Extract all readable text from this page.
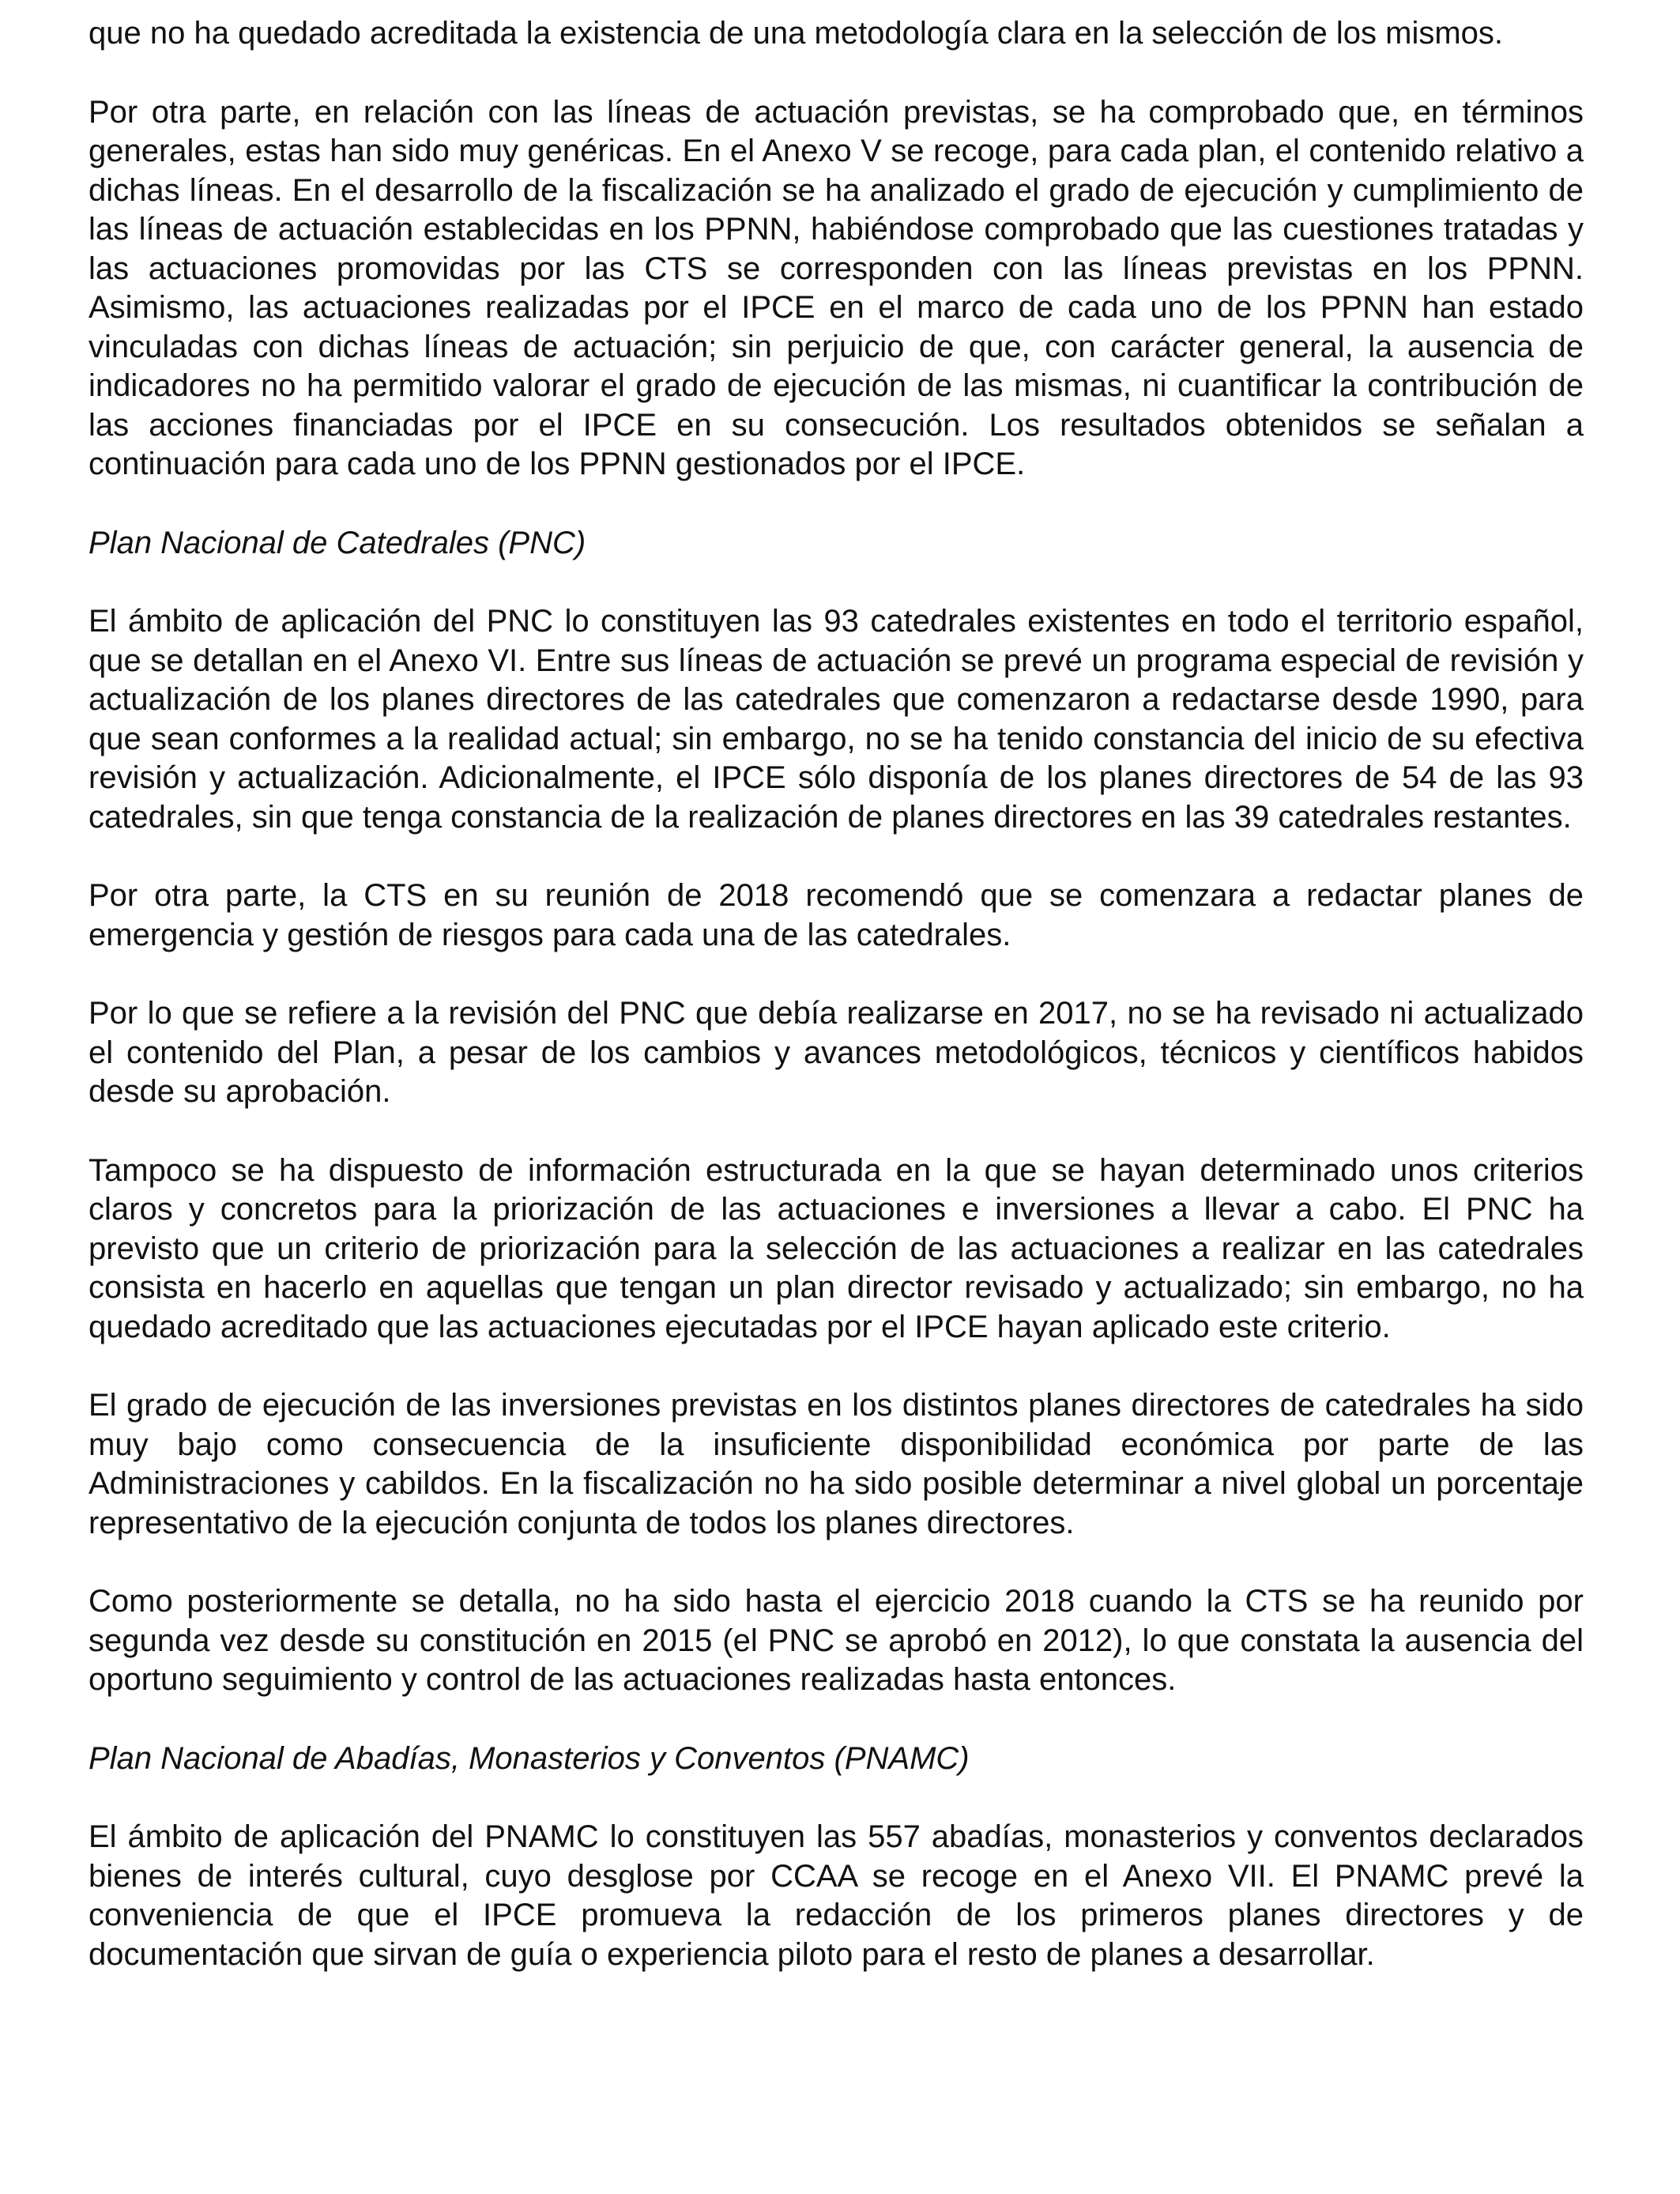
que no ha quedado acreditada la existencia de una metodología clara en la selección de los mismos.

Por otra parte, en relación con las líneas de actuación previstas, se ha comprobado que, en términos generales, estas han sido muy genéricas. En el Anexo V se recoge, para cada plan, el contenido relativo a dichas líneas. En el desarrollo de la fiscalización se ha analizado el grado de ejecución y cumplimiento de las líneas de actuación establecidas en los PPNN, habiéndose comprobado que las cuestiones tratadas y las actuaciones promovidas por las CTS se corresponden con las líneas previstas en los PPNN. Asimismo, las actuaciones realizadas por el IPCE en el marco de cada uno de los PPNN han estado vinculadas con dichas líneas de actuación; sin perjuicio de que, con carácter general, la ausencia de indicadores no ha permitido valorar el grado de ejecución de las mismas, ni cuantificar la contribución de las acciones financiadas por el IPCE en su consecución. Los resultados obtenidos se señalan a continuación para cada uno de los PPNN gestionados por el IPCE.

Plan Nacional de Catedrales (PNC)

El ámbito de aplicación del PNC lo constituyen las 93 catedrales existentes en todo el territorio español, que se detallan en el Anexo VI. Entre sus líneas de actuación se prevé un programa especial de revisión y actualización de los planes directores de las catedrales que comenzaron a redactarse desde 1990, para que sean conformes a la realidad actual; sin embargo, no se ha tenido constancia del inicio de su efectiva revisión y actualización. Adicionalmente, el IPCE sólo disponía de los planes directores de 54 de las 93 catedrales, sin que tenga constancia de la realización de planes directores en las 39 catedrales restantes.

Por otra parte, la CTS en su reunión de 2018 recomendó que se comenzara a redactar planes de emergencia y gestión de riesgos para cada una de las catedrales.

Por lo que se refiere a la revisión del PNC que debía realizarse en 2017, no se ha revisado ni actualizado el contenido del Plan, a pesar de los cambios y avances metodológicos, técnicos y científicos habidos desde su aprobación.

Tampoco se ha dispuesto de información estructurada en la que se hayan determinado unos criterios claros y concretos para la priorización de las actuaciones e inversiones a llevar a cabo. El PNC ha previsto que un criterio de priorización para la selección de las actuaciones a realizar en las catedrales consista en hacerlo en aquellas que tengan un plan director revisado y actualizado; sin embargo, no ha quedado acreditado que las actuaciones ejecutadas por el IPCE hayan aplicado este criterio.

El grado de ejecución de las inversiones previstas en los distintos planes directores de catedrales ha sido muy bajo como consecuencia de la insuficiente disponibilidad económica por parte de las Administraciones y cabildos. En la fiscalización no ha sido posible determinar a nivel global un porcentaje representativo de la ejecución conjunta de todos los planes directores.

Como posteriormente se detalla, no ha sido hasta el ejercicio 2018 cuando la CTS se ha reunido por segunda vez desde su constitución en 2015 (el PNC se aprobó en 2012), lo que constata la ausencia del oportuno seguimiento y control de las actuaciones realizadas hasta entonces.

Plan Nacional de Abadías, Monasterios y Conventos (PNAMC)

El ámbito de aplicación del PNAMC lo constituyen las 557 abadías, monasterios y conventos declarados bienes de interés cultural, cuyo desglose por CCAA se recoge en el Anexo VII. El PNAMC prevé la conveniencia de que el IPCE promueva la redacción de los primeros planes directores y de documentación que sirvan de guía o experiencia piloto para el resto de planes a desarrollar.
